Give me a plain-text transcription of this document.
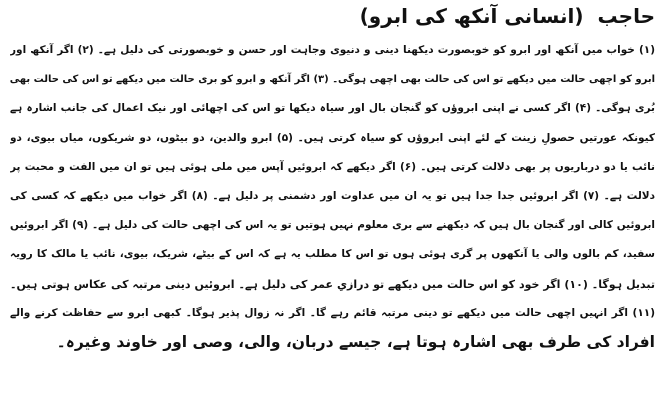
حاجب
(انسانی آنکھ کی ابرو)
(۱) خواب میں آنکھ اور ابرو کو خوبصورت دیکھنا دینی و دنیوی وجاہت اور حسن و خوبصورتی کی دلیل ہے۔ (۲) اگر آنکھ اور
ابرو کو اچھی حالت میں دیکھے تو اس کی حالت بھی اچھی ہوگی۔ (۳) اگر آنکھ و ابرو کو بری حالت میں دیکھے تو اس کی حالت بھی
بُری ہوگی۔ (۴) اگر کسی نے اپنی ابروؤں کو گنجان بال اور سیاہ دیکھا تو اس کی اچھائی اور نیک اعمال کی جانب اشارہ ہے
کیونکہ عورتیں حصولِ زینت کے لئے اپنی ابروؤں کو سیاہ کرتی ہیں۔ (۵) ابرو والدین، دو بیٹوں، دو شریکوں، میاں بیوی، دو
نائب یا دو درباریوں پر بھی دلالت کرتی ہیں۔ (۶) اگر دیکھے کہ ابروئیں آپس میں ملی ہوئی ہیں تو ان میں الفت و محبت پر
دلالت ہے۔ (۷) اگر ابروئیں جدا جدا ہیں تو یہ ان میں عداوت اور دشمنی پر دلیل ہے۔ (۸) اگر خواب میں دیکھے کہ کسی کی
ابروئیں کالی اور گنجان بال ہیں کہ دیکھنے سے بری معلوم نہیں ہوتیں تو یہ اس کی اچھی حالت کی دلیل ہے۔ (۹) اگر ابروئیں
سفید، کم بالوں والی یا آنکھوں پر گری ہوئی ہوں تو اس کا مطلب یہ ہے کہ اس کے بیٹے، شریک، بیوی، نائب یا مالک کا رویہ
تبدیل ہوگا۔ (۱۰) اگر خود کو اس حالت میں دیکھے تو درازیِ عمر کی دلیل ہے۔ ابروئیں دینی مرتبہ کی عکاس ہوتی ہیں۔
(۱۱) اگر انہیں اچھی حالت میں دیکھے تو دینی مرتبہ قائم رہے گا۔ اگر نہ زوال پذیر ہوگا۔ کبھی ابرو سے حفاظت کرنے والے
افراد کی طرف بھی اشارہ ہوتا ہے، جیسے دربان، والی، وصی اور خاوند وغیرہ۔
